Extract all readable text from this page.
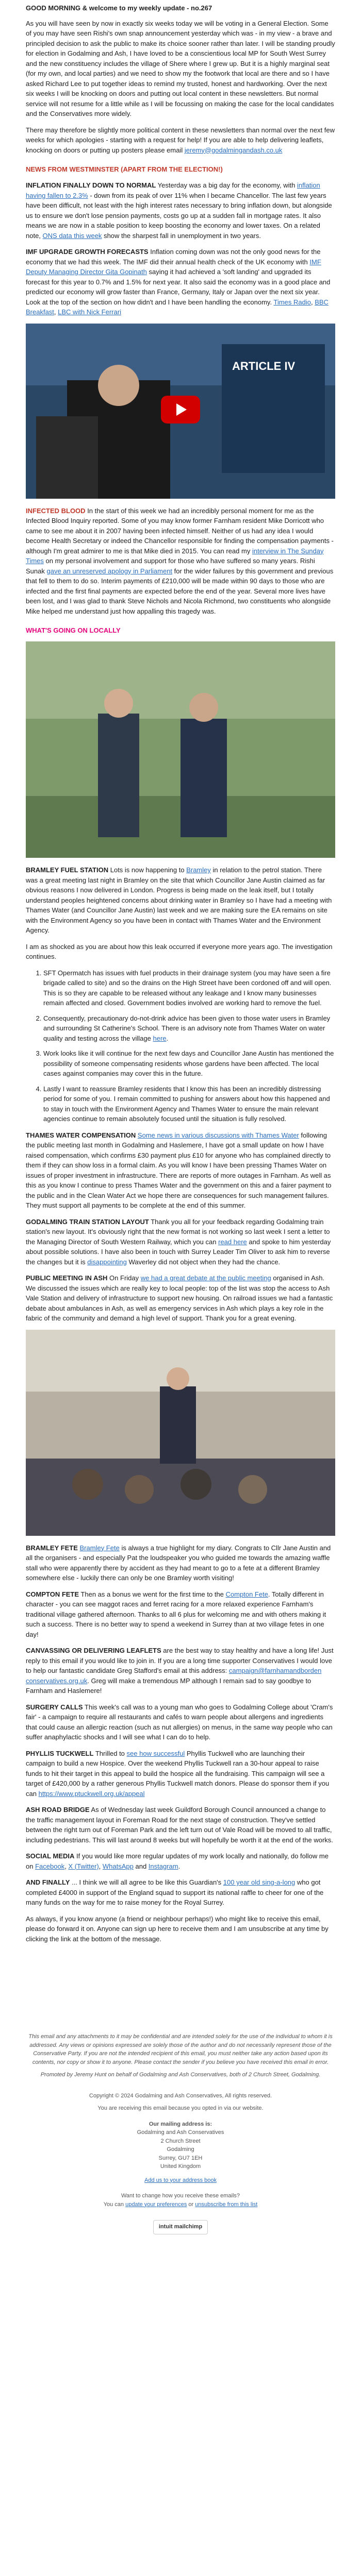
GOOD MORNING & welcome to my weekly update - no.267

As you will have seen by now in exactly six weeks today we will be voting in a General Election. Some of you may have seen Rishi's own snap announcement yesterday which was - in my view - a brave and principled decision to ask the public to make its choice sooner rather than later. I will be standing proudly for election in Godalming and Ash, I have loved to be a conscientious local MP for South West Surrey and the new constituency includes the village of Shere where I grew up. But it is a highly marginal seat (for my own, and local parties) and we need to show my the footwork that local are there and so I have asked Richard Lee to put together ideas to remind my trusted, honest and hardworking. Over the next six weeks I will be knocking on doors and putting out local content in these newsletters. But normal service will not resume for a little while as I will be focussing on making the case for the local candidates and the Conservatives more widely.

There may therefore be slightly more political content in these newsletters than normal over the next few weeks for which apologies - starting with a request for help! If you are able to help delivering leaflets, knocking on doors or putting up posters please email jeremy@godalmingandash.co.uk

NEWS FROM WESTMINSTER (APART FROM THE ELECTION!)

INFLATION FINALLY DOWN TO NORMAL Yesterday was a big day for the economy, with inflation having fallen to 2.3% - down from its peak of over 11% when I became Chancellor. The last few years have been difficult, not least with the high interest rates necessary to bring inflation down, but alongside us to ensure we don't lose pension payments, costs go up at a sudden fall in mortgage rates. It also means we are now in a stable position to keep boosting the economy and lower taxes. On a related note, ONS data this week show the sharpest fall in unemployment in two years.

IMF UPGRADE GROWTH FORECASTS Inflation coming down was not the only good news for the economy that we had this week. The IMF did their annual health check of the UK economy with IMF Deputy Managing Director Gita Gopinath saying it had achieved a 'soft landing' and upgraded its forecast for this year to 0.7% and 1.5% for next year. It also said the economy was in a good place and predicted our economy will grow faster than France, Germany, Italy or Japan over the next six year. Look at the top of the section on how didn't and I have been handling the economy. Times Radio, BBC Breakfast, LBC with Nick Ferrari

ARTICLE IV

INFECTED BLOOD In the start of this week we had an incredibly personal moment for me as the Infected Blood Inquiry reported. Some of you may know former Farnham resident Mike Dorricott who came to see me about it in 2007 having been infected himself. Neither of us had any idea I would become Health Secretary or indeed the Chancellor responsible for finding the compensation payments - although I'm great admirer to me is that Mike died in 2015. You can read my interview in The Sunday Times on my personal involvement and support for those who have suffered so many years. Rishi Sunak gave an unreserved apology in Parliament for the wider failures by this government and previous that fell to them to do so. Interim payments of £210,000 will be made within 90 days to those who are infected and the first final payments are expected before the end of the year. Several more lives have been lost, and I was glad to thank Steve Nichols and Nicola Richmond, two constituents who alongside Mike helped me understand just how appalling this tragedy was.

WHAT'S GOING ON LOCALLY

BRAMLEY FUEL STATION Lots is now happening to Bramley in relation to the petrol station. There was a great meeting last night in Bramley on the site that which Councillor Jane Austin claimed as far obvious reasons I now delivered in London. Progress is being made on the leak itself, but I totally understand peoples heightened concerns about drinking water in Bramley so I have had a meeting with Thames Water (and Councillor Jane Austin) last week and we are making sure the EA remains on site with the Environment Agency so you have been in contact with Thames Water and the Environment Agency.

I am as shocked as you are about how this leak occurred if everyone more years ago. The investigation continues.

1. SFT Opermatch has issues with fuel products in their drainage system (you may have seen a fire brigade called to site) and so the drains on the High Street have been cordoned off and will open. This is so they are capable to be released without any leakage and I know many businesses remain affected and closed. Government bodies involved are working hard to remove the fuel.
2. Consequently, precautionary do-not-drink advice has been given to those water users in Bramley and surrounding St Catherine's School. There is an advisory note from Thames Water on water quality and testing across the village here.
3. Work looks like it will continue for the next few days and Councillor Jane Austin has mentioned the possibility of someone compensating residents whose gardens have been affected. The local cases against companies may cover this in the future.
4. Lastly I want to reassure Bramley residents that I know this has been an incredibly distressing period for some of you. I remain committed to pushing for answers about how this happened and to stay in touch with the Environment Agency and Thames Water to ensure the main relevant agencies continue to remain absolutely focused until the situation is fully resolved.

THAMES WATER COMPENSATION Some news in various discussions with Thames Water following the public meeting last month in Godalming and Haslemere, I have got a small update on how I have raised compensation, which confirms £30 payment plus £10 for anyone who has complained directly to them if they can show loss in a formal claim. As you will know I have been pressing Thames Water on issues of proper investment in infrastructure. There are reports of more outages in Farnham. As well as this as you know I continue to press Thames Water and the government on this and a fairer payment to the public and in the Clean Water Act we hope there are consequences for such management failures. They must support all payments to be complete at the end of this summer.

GODALMING TRAIN STATION LAYOUT Thank you all for your feedback regarding Godalming train station's new layout. It's obviously right that the new format is not working so last week I sent a letter to the Managing Director of South Western Railway, which you can read here and spoke to him yesterday about possible solutions. I have also been in touch with Surrey Leader Tim Oliver to ask him to reverse the changes but it is disappointing Waverley did not object when they had the chance.

PUBLIC MEETING IN ASH On Friday we had a great debate at the public meeting organised in Ash. We discussed the issues which are really key to local people: top of the list was stop the access to Ash Vale Station and delivery of infrastructure to support new housing. On railroad issues we had a fantastic debate about ambulances in Ash, as well as emergency services in Ash which plays a key role in the fabric of the community and demand a high level of support. Thank you for a great evening.

BRAMLEY FETE Bramley Fete is always a true highlight for my diary. Congrats to Cllr Jane Austin and all the organisers - and especially Pat the loudspeaker you who guided me towards the amazing waffle stall who were apparently there by accident as they had meant to go to a fete at a different Bramley somewhere else - luckily there can only be one Bramley worth visiting!

COMPTON FETE Then as a bonus we went for the first time to the Compton Fete. Totally different in character - you can see maggot races and ferret racing for a more relaxed experience Farnham's traditional village gathered afternoon. Thanks to all 6 plus for welcoming me and with others making it such a success. There is no better way to spend a weekend in Surrey than at two village fetes in one day!

CANVASSING OR DELIVERING LEAFLETS are the best way to stay healthy and have a long life! Just reply to this email if you would like to join in. If you are a long time supporter Conservatives I would love to help our fantastic candidate Greg Stafford's email at this address: campaign@farnhamandborden conservatives.org.uk. Greg will make a tremendous MP although I remain sad to say goodbye to Farnham and Haslemere!

SURGERY CALLS This week's call was to a young man who goes to Godalming College about 'Cram's fair' - a campaign to require all restaurants and cafés to warn people about allergens and ingredients that could cause an allergic reaction (such as nut allergies) on menus, in the same way people who can suffer anaphylactic shocks and I will see what I can do to help.

PHYLLIS TUCKWELL Thrilled to see how successful Phyllis Tuckwell who are launching their campaign to build a new Hospice. Over the weekend Phyllis Tuckwell ran a 30-hour appeal to raise funds to hit their target in this appeal to build the hospice all the fundraising. This campaign will see a target of £420,000 by a rather generous Phyllis Tuckwell match donors. Please do sponsor them if you can https://www.ptuckwell.org.uk/appeal

ASH ROAD BRIDGE As of Wednesday last week Guildford Borough Council announced a change to the traffic management layout in Foreman Road for the next stage of construction. They've settled between the right turn out of Foreman Park and the left turn out of Vale Road will be moved to all traffic, including pedestrians. This will last around 8 weeks but will hopefully be worth it at the end of the works.

SOCIAL MEDIA If you would like more regular updates of my work locally and nationally, do follow me on Facebook, X (Twitter), WhatsApp and Instagram.

AND FINALLY ... I think we will all agree to be like this Guardian's 100 year old sing-a-long who got completed £4000 in support of the England squad to support its national raffle to cheer for one of the many funds on the way for me to raise money for the Royal Surrey.

As always, if you know anyone (a friend or neighbour perhaps!) who might like to receive this email, please do forward it on. Anyone can sign up here to receive them and I am unsubscribe at any time by clicking the link at the bottom of the message.

This email and any attachments to it may be confidential and are intended solely for the use of the individual to whom it is addressed. Any views or opinions expressed are solely those of the author and do not necessarily represent those of the Conservative Party. If you are not the intended recipient of this email, you must neither take any action based upon its contents, nor copy or show it to anyone. Please contact the sender if you believe you have received this email in error.

Promoted by Jeremy Hunt on behalf of Godalming and Ash Conservatives, both of 2 Church Street, Godalming.

Copyright © 2024 Godalming and Ash Conservatives, All rights reserved.

You are receiving this email because you opted in via our website.

Our mailing address is:

Godalming and Ash Conservatives

2 Church Street

Godalming

Surrey, GU7 1EH

United Kingdom

Add us to your address book

Want to change how you receive these emails?
You can update your preferences or unsubscribe from this list

intuit mailchimp
